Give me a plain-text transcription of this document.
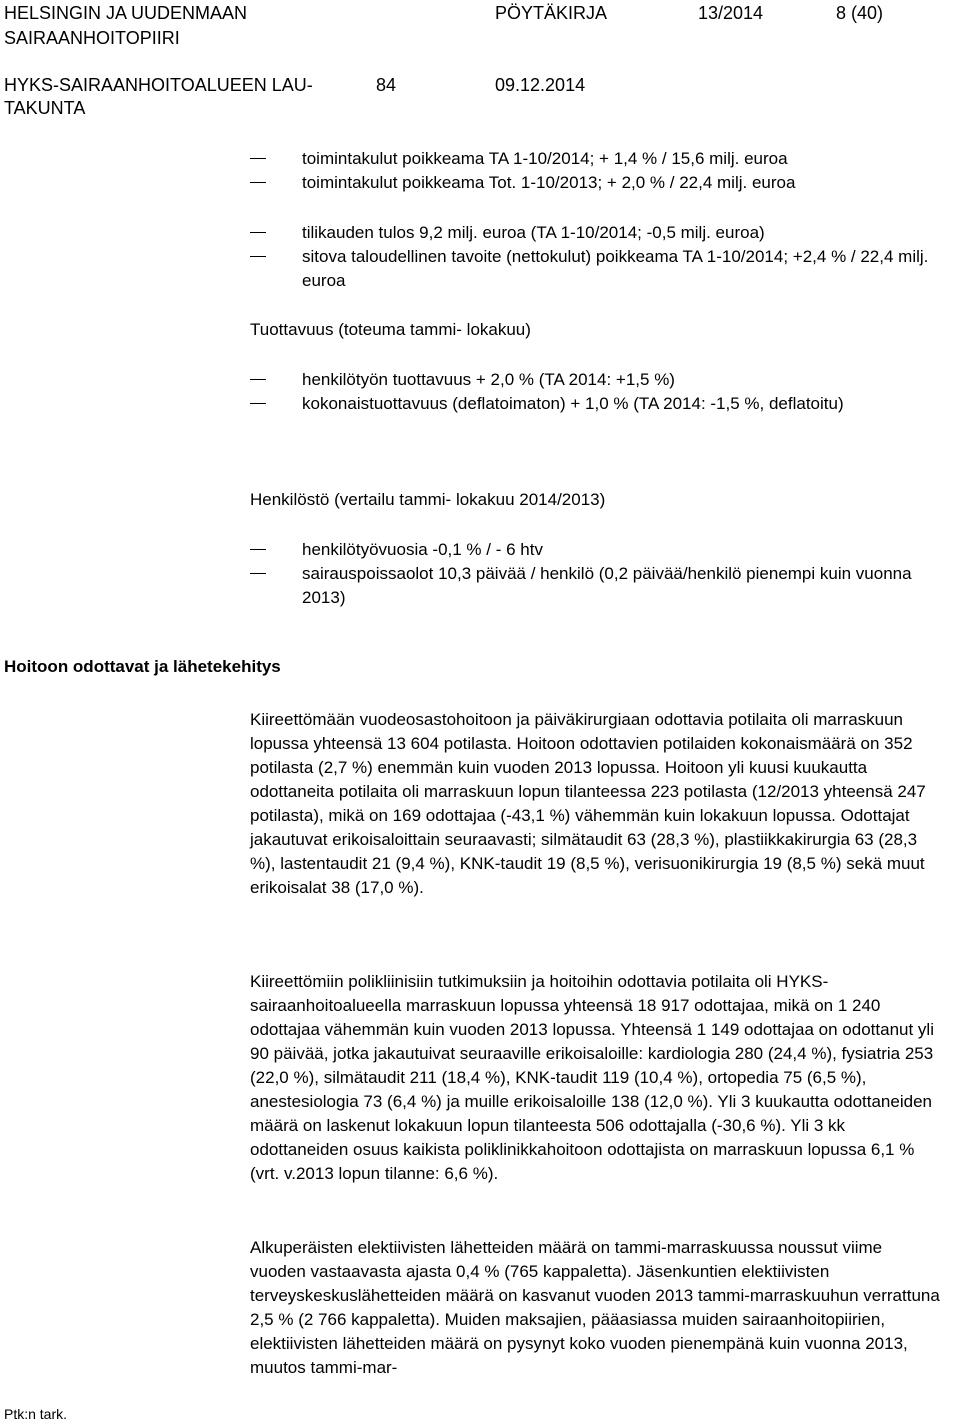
HELSINGIN JA UUDENMAAN
SAIRAANHOITOPIIRI
PÖYTÄKIRJA	13/2014	8 (40)
HYKS-SAIRAANHOITOALUEEN LAU-
TAKUNTA
84	09.12.2014
toimintakulut poikkeama TA 1-10/2014; + 1,4 % / 15,6 milj. euroa
toimintakulut poikkeama Tot. 1-10/2013; + 2,0 % / 22,4 milj. euroa
tilikauden tulos 9,2 milj. euroa (TA 1-10/2014; -0,5 milj. euroa)
sitova taloudellinen tavoite (nettokulut) poikkeama TA 1-10/2014; +2,4 % / 22,4 milj. euroa
Tuottavuus (toteuma tammi- lokakuu)
henkilötyön tuottavuus + 2,0 % (TA 2014: +1,5 %)
kokonaistuottavuus (deflatoimaton) + 1,0 % (TA 2014: -1,5 %, deflatoitu)
Henkilöstö (vertailu tammi- lokakuu 2014/2013)
henkilötyövuosia -0,1 % / - 6 htv
sairauspoissaolot 10,3 päivää / henkilö (0,2 päivää/henkilö pienempi kuin vuonna 2013)
Hoitoon odottavat ja lähetekehitys

Kiireettömään vuodeosastohoitoon ja päiväkirurgiaan odottavia potilaita oli marraskuun lopussa yhteensä 13 604 potilasta. Hoitoon odottavien potilaiden kokonaismäärä on 352 potilasta (2,7 %) enemmän kuin vuoden 2013 lopussa. Hoitoon yli kuusi kuukautta odottaneita potilaita oli marraskuun lopun tilanteessa 223 potilasta (12/2013 yhteensä 247 potilasta), mikä on 169 odottajaa (-43,1 %) vähemmän kuin lokakuun lopussa. Odottajat jakautuvat erikoisaloittain seuraavasti; silmätaudit 63 (28,3 %), plastiikkakirurgia 63 (28,3 %), lastentaudit 21 (9,4 %), KNK-taudit 19 (8,5 %), verisuonikirurgia 19 (8,5 %) sekä muut erikoisalat 38 (17,0 %).

Kiireettömiin polikliinisiin tutkimuksiin ja hoitoihin odottavia potilaita oli HYKS-sairaanhoitoalueella marraskuun lopussa yhteensä 18 917 odottajaa, mikä on 1 240 odottajaa vähemmän kuin vuoden 2013 lopussa. Yhteensä 1 149 odottajaa on odottanut yli 90 päivää, jotka jakautuivat seuraaville erikoisaloille: kardiologia 280 (24,4 %), fysiatria 253 (22,0 %), silmätaudit 211 (18,4 %), KNK-taudit 119 (10,4 %), ortopedia 75 (6,5 %), anestesiologia 73 (6,4 %) ja muille erikoisaloille 138 (12,0 %). Yli 3 kuukautta odottaneiden määrä on laskenut lokakuun lopun tilanteesta 506 odottajalla (-30,6 %). Yli 3 kk odottaneiden osuus kaikista poliklinikkahoitoon odottajista on marraskuun lopussa 6,1 % (vrt. v.2013 lopun tilanne: 6,6 %).

Alkuperäisten elektiivisten lähetteiden määrä on tammi-marraskuussa noussut viime vuoden vastaavasta ajasta 0,4 % (765 kappaletta). Jäsenkuntien elektiivisten terveyskeskuslähetteiden määrä on kasvanut vuoden 2013 tammi-marraskuuhun verrattuna 2,5 % (2 766 kappaletta). Muiden maksajien, pääasiassa muiden sairaanhoitopiirien, elektiivisten lähetteiden määrä on pysynyt koko vuoden pienempänä kuin vuonna 2013, muutos tammi-mar-

Ptk:n tark.
